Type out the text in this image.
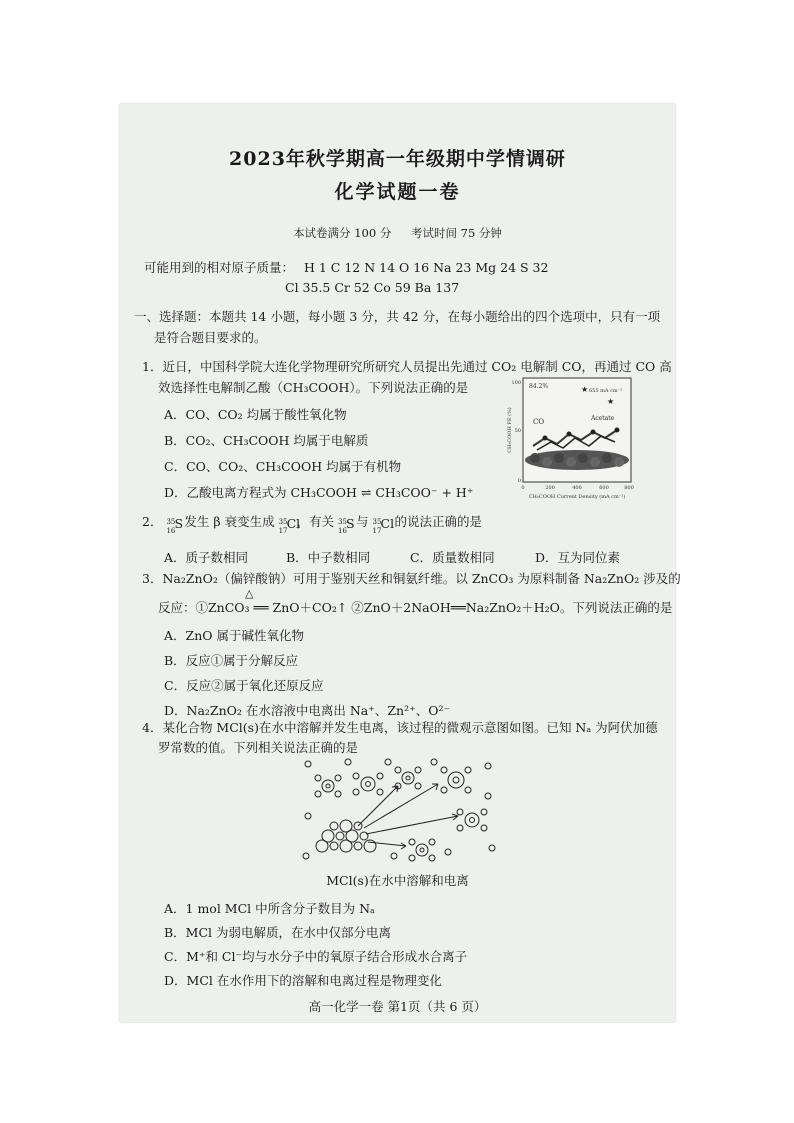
2023年秋学期高一年级期中学情调研
化学试题一卷
本试卷满分 100 分 考试时间 75 分钟
可能用到的相对原子质量： H 1 C 12 N 14 O 16 Na 23 Mg 24 S 32
Cl 35.5 Cr 52 Co 59 Ba 137
一、选择题：本题共 14 小题，每小题 3 分，共 42 分，在每小题给出的四个选项中，只有一项
是符合题目要求的。
1．近日，中国科学院大连化学物理研究所研究人员提出先通过 CO₂ 电解制 CO，再通过 CO 高
效选择性电解制乙酸（CH₃COOH）。下列说法正确的是
A．CO、CO₂ 均属于酸性氧化物
B．CO₂、CH₃COOH 均属于电解质
C．CO、CO₂、CH₃COOH 均属于有机物
D．乙酸电离方程式为 CH₃COOH ⇌ CH₃COO⁻ + H⁺
84.2%
655 mA cm⁻²
★
★
CO	Acetate
100
50
0
0	200	400	600	800
CH₃COOH Current Density (mA cm⁻²)
CH₃COOH FE (%)
2． 35
16 S
发生 β 衰变生成 35
17 Cl
，有关 35
16 S
与 35
17 Cl
的说法正确的是
A．质子数相同	B．中子数相同	C．质量数相同	D．互为同位素
3．Na₂ZnO₂（偏锌酸钠）可用于鉴别天丝和铜氨纤维。以 ZnCO₃ 为原料制备 Na₂ZnO₂ 涉及的
△
反应：①ZnCO₃ ══ ZnO＋CO₂↑ ②ZnO＋2NaOH══Na₂ZnO₂＋H₂O。下列说法正确的是
A．ZnO 属于碱性氧化物
B．反应①属于分解反应
C．反应②属于氧化还原反应
D．Na₂ZnO₂ 在水溶液中电离出 Na⁺、Zn²⁺、O²⁻
4．某化合物 MCl(s)在水中溶解并发生电离，该过程的微观示意图如图。已知 Nₐ 为阿伏加德
罗常数的值。下列相关说法正确的是
MCl(s)在水中溶解和电离
A．1 mol MCl 中所含分子数目为 Nₐ
B．MCl 为弱电解质，在水中仅部分电离
C．M⁺和 Cl⁻均与水分子中的氧原子结合形成水合离子
D．MCl 在水作用下的溶解和电离过程是物理变化
高一化学一卷 第1页（共 6 页）
